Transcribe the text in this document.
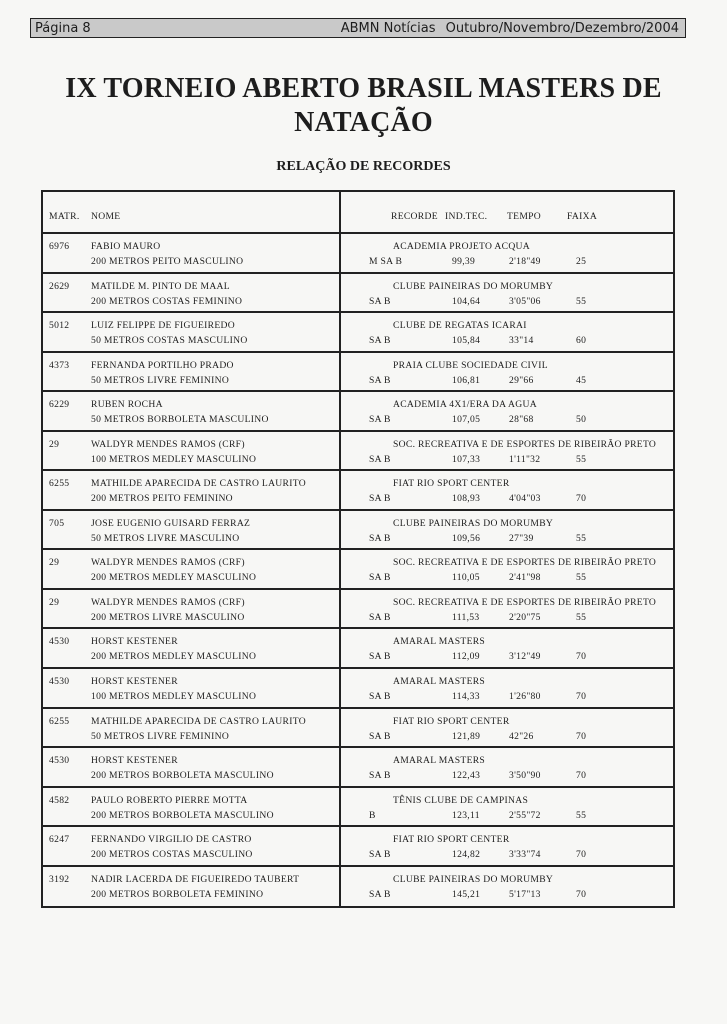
Página 8	ABMN Notícias Outubro/Novembro/Dezembro/2004
IX TORNEIO ABERTO BRASIL MASTERS DE NATAÇÃO
RELAÇÃO DE RECORDES
MATR. NOME	RECORDE IND.TEC. TEMPO	FAIXA
6976 FABIO MAURO
200 METROS PEITO MASCULINO
ACADEMIA PROJETO ACQUA
M SA B	99,39	2'18"49	25
2629 MATILDE M. PINTO DE MAAL
200 METROS COSTAS FEMININO
CLUBE PAINEIRAS DO MORUMBY
SA B	104,64	3'05"06	55
5012 LUIZ FELIPPE DE FIGUEIREDO
50 METROS COSTAS MASCULINO
CLUBE DE REGATAS ICARAI
SA B	105,84	33"14	60
4373 FERNANDA PORTILHO PRADO
50 METROS LIVRE FEMININO
PRAIA CLUBE SOCIEDADE CIVIL
SA B	106,81	29"66	45
6229 RUBEN ROCHA
50 METROS BORBOLETA MASCULINO
ACADEMIA 4X1/ERA DA AGUA
SA B	107,05	28"68	50
29	WALDYR MENDES RAMOS (CRF)
100 METROS MEDLEY MASCULINO
SOC. RECREATIVA E DE ESPORTES DE RIBEIRÃO PRETO
SA B	107,33	1'11"32	55
6255 MATHILDE APARECIDA DE CASTRO LAURITO
200 METROS PEITO FEMININO
FIAT RIO SPORT CENTER
SA B	108,93	4'04"03	70
705	JOSE EUGENIO GUISARD FERRAZ
50 METROS LIVRE MASCULINO
CLUBE PAINEIRAS DO MORUMBY
SA B	109,56	27"39	55
29	WALDYR MENDES RAMOS (CRF)
200 METROS MEDLEY MASCULINO
SOC. RECREATIVA E DE ESPORTES DE RIBEIRÃO PRETO
SA B	110,05	2'41"98	55
29	WALDYR MENDES RAMOS (CRF)
200 METROS LIVRE MASCULINO
SOC. RECREATIVA E DE ESPORTES DE RIBEIRÃO PRETO
SA B	111,53	2'20"75	55
4530 HORST KESTENER
200 METROS MEDLEY MASCULINO
AMARAL MASTERS
SA B	112,09	3'12"49	70
4530 HORST KESTENER
100 METROS MEDLEY MASCULINO
AMARAL MASTERS
SA B	114,33	1'26"80	70
6255 MATHILDE APARECIDA DE CASTRO LAURITO
50 METROS LIVRE FEMININO
FIAT RIO SPORT CENTER
SA B	121,89	42"26	70
4530 HORST KESTENER
200 METROS BORBOLETA MASCULINO
AMARAL MASTERS
SA B	122,43	3'50"90	70
4582 PAULO ROBERTO PIERRE MOTTA
200 METROS BORBOLETA MASCULINO
TÊNIS CLUBE DE CAMPINAS
B	123,11	2'55"72	55
6247 FERNANDO VIRGILIO DE CASTRO
200 METROS COSTAS MASCULINO
FIAT RIO SPORT CENTER
SA B	124,82	3'33"74	70
3192 NADIR LACERDA DE FIGUEIREDO TAUBERT
200 METROS BORBOLETA FEMININO
CLUBE PAINEIRAS DO MORUMBY
SA B	145,21	5'17"13	70
